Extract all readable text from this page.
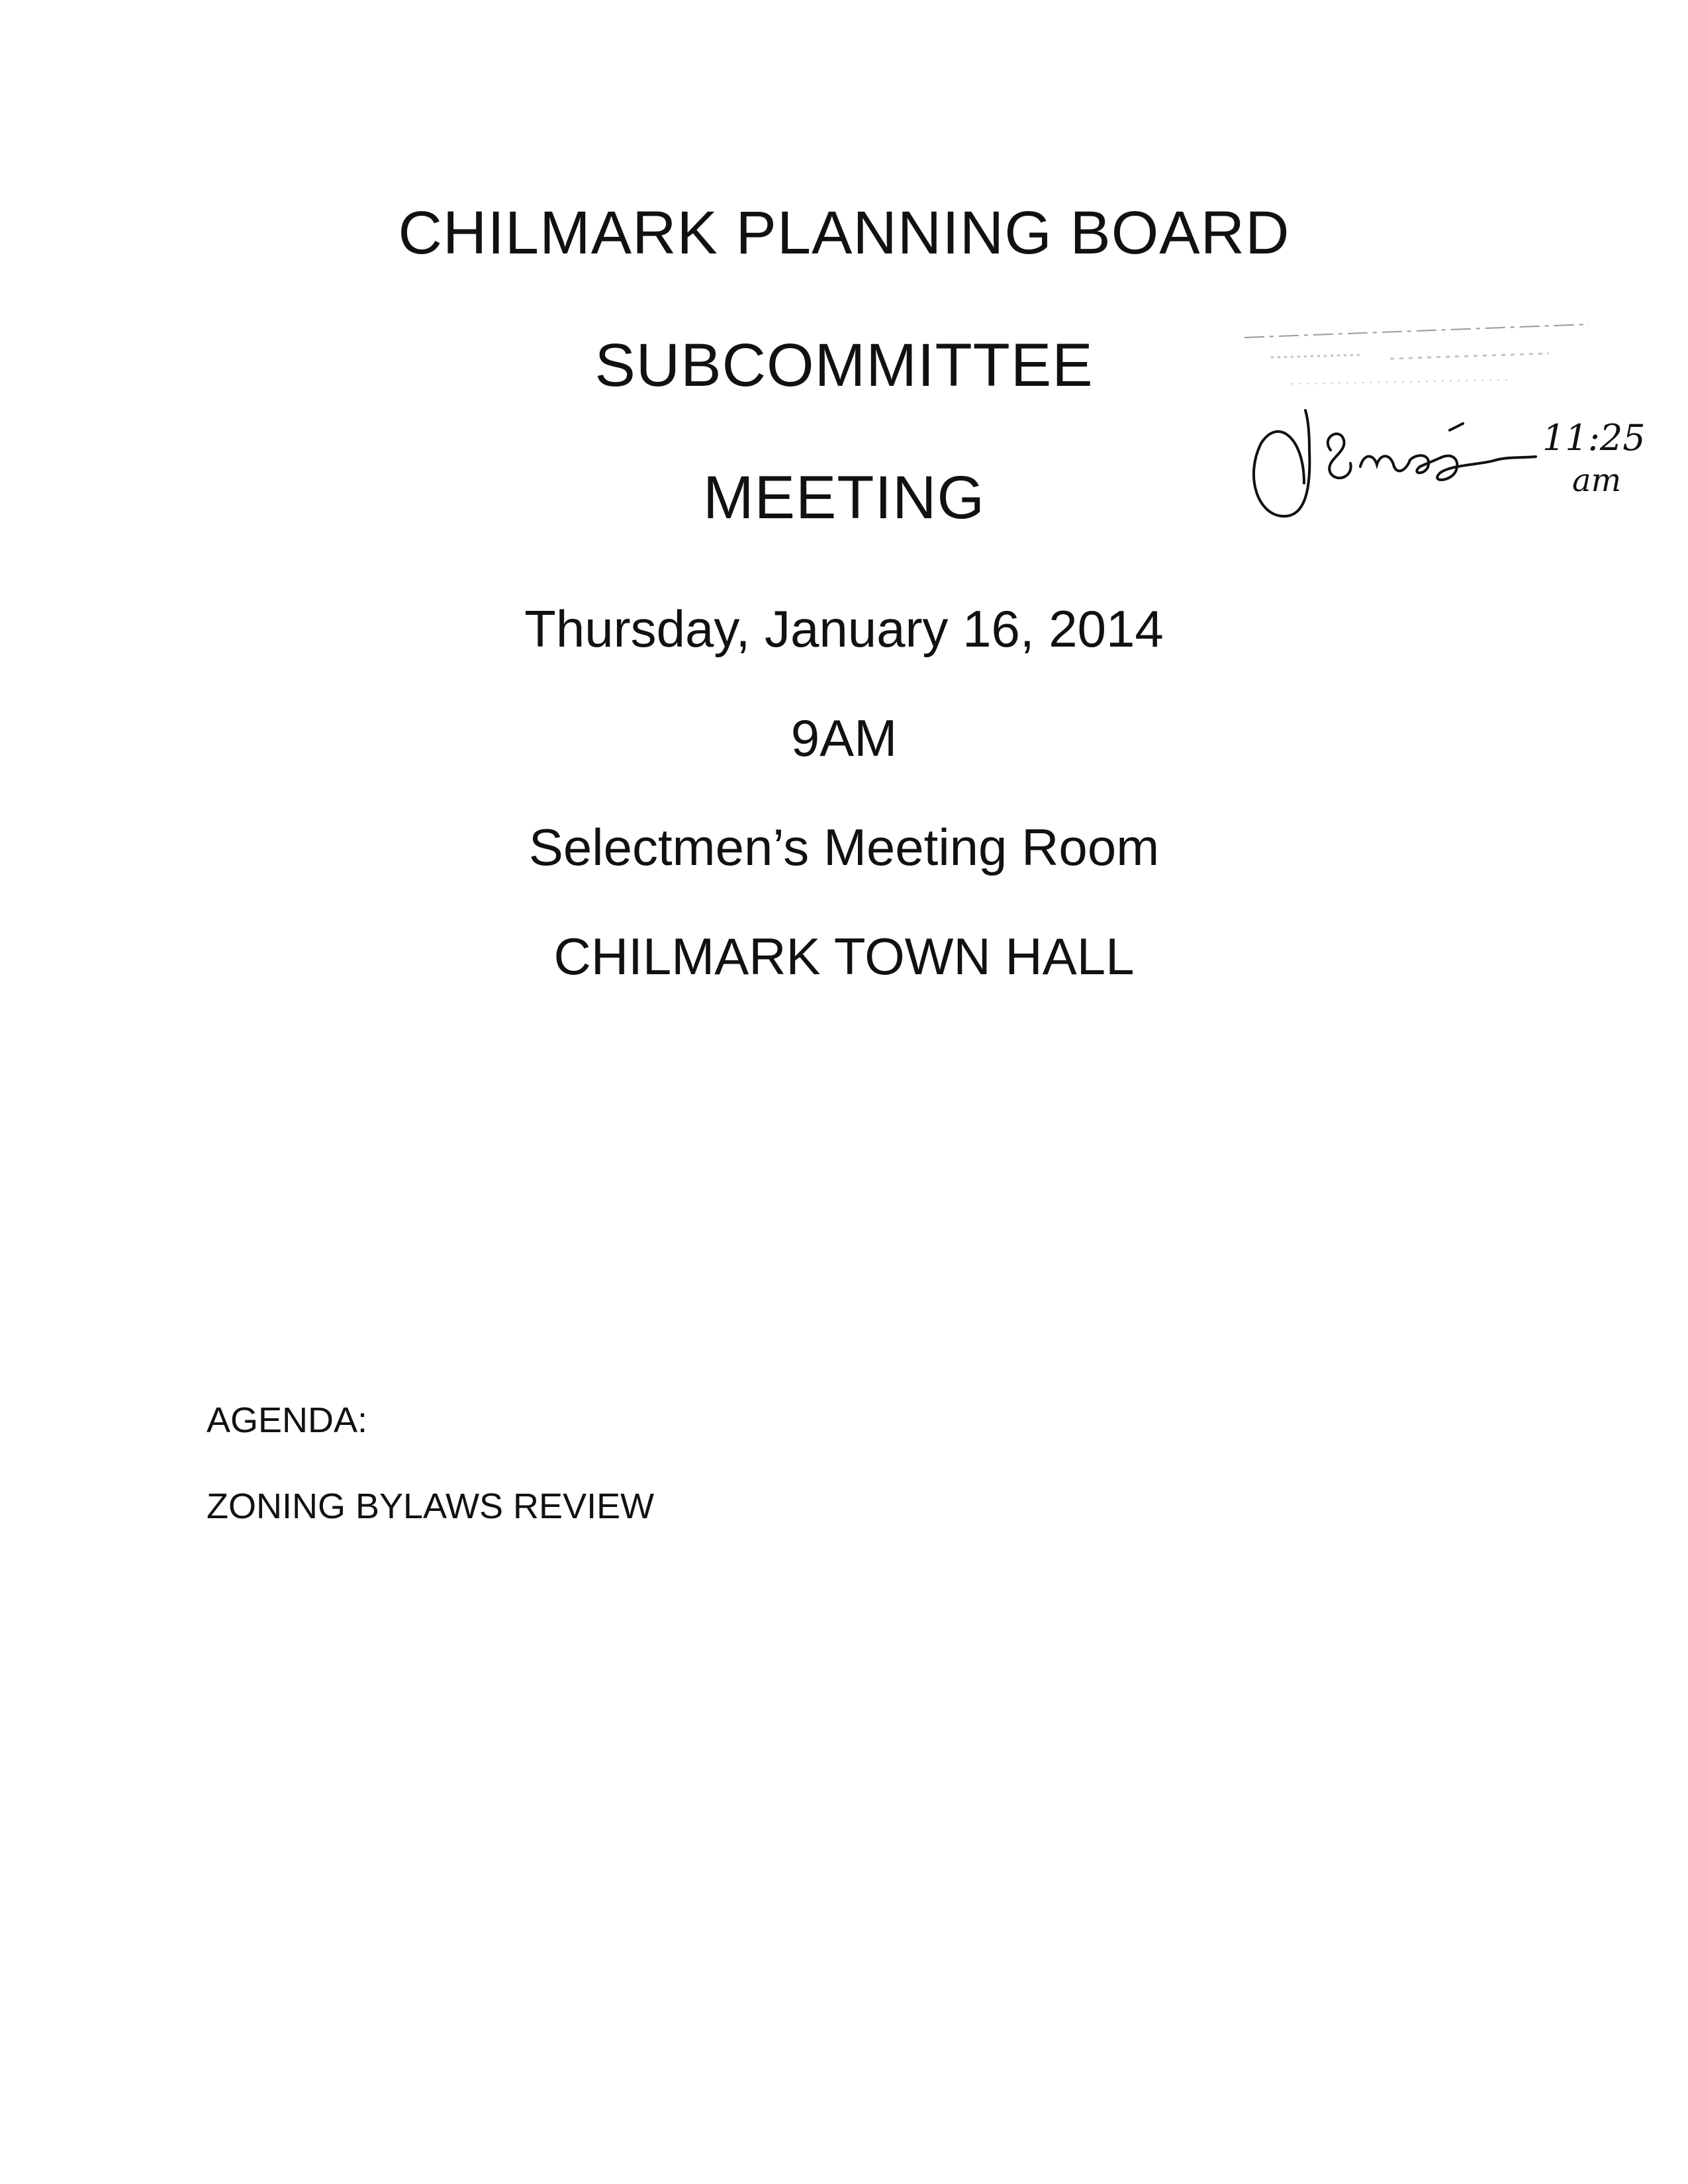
CHILMARK PLANNING BOARD
SUBCOMMITTEE
MEETING
Thursday, January 16, 2014
9AM
Selectmen’s Meeting Room
CHILMARK TOWN HALL
AGENDA:
ZONING BYLAWS REVIEW
11:25
am
